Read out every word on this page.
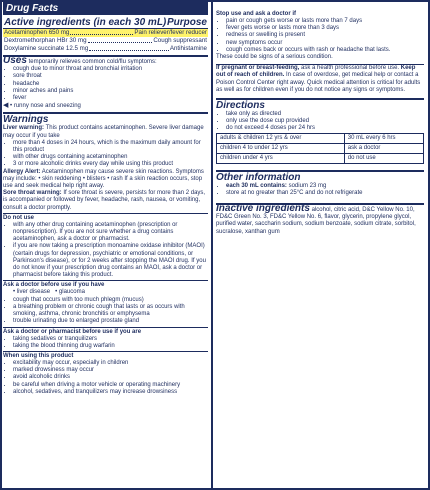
Drug Facts
Active ingredients (in each 30 mL) Purpose
Acetaminophen 650 mg	Pain reliever/fever reducer
Dextromethorphan HBr 30 mg	Cough suppressant
Doxylamine succinate 12.5 mg	Antihistamine
Uses temporarily relieves common cold/flu symptoms:
• cough due to minor throat and bronchial irritation
• sore throat
• headache
• minor aches and pains
• fever
◀ • runny nose and sneezing
Warnings
Liver warning: This product contains acetaminophen. Severe liver damage may occur if you take
• more than 4 doses in 24 hours, which is the maximum daily amount for this product
• with other drugs containing acetaminophen
• 3 or more alcoholic drinks every day while using this product
Allergy Alert: Acetaminophen may cause severe skin reactions. Symptoms may include: • skin reddening • blisters • rash If a skin reaction occurs, stop use and seek medical help right away.
Sore throat warning: If sore throat is severe, persists for more than 2 days, is accompanied or followed by fever, headache, rash, nausea, or vomiting, consult a doctor promptly.
Do not use
• with any other drug containing acetaminophen (prescription or nonprescription). If you are not sure whether a drug contains acetaminophen, ask a doctor or pharmacist.
• if you are now taking a prescription monoamine oxidase inhibitor (MAOI) (certain drugs for depression, psychiatric or emotional conditions, or Parkinson's disease), or for 2 weeks after stopping the MAOI drug. If you do not know if your prescription drug contains an MAOI, ask a doctor or pharmacist before taking this product.
Ask a doctor before use if you have
• liver disease   • glaucoma
• cough that occurs with too much phlegm (mucus)
• a breathing problem or chronic cough that lasts or as occurs with smoking, asthma, chronic bronchitis or emphysema
• trouble urinating due to enlarged prostate gland
Ask a doctor or pharmacist before use if you are
• taking sedatives or tranquilizers
• taking the blood thinning drug warfarin
When using this product
• excitability may occur, especially in children
• marked drowsiness may occur
• avoid alcoholic drinks
• be careful when driving a motor vehicle or operating machinery
• alcohol, sedatives, and tranquilizers may increase drowsiness
Stop use and ask a doctor if
• pain or cough gets worse or lasts more than 7 days
• fever gets worse or lasts more than 3 days
• redness or swelling is present
• new symptoms occur
• cough comes back or occurs with rash or headache that lasts.
These could be signs of a serious condition.
If pregnant or breast-feeding, ask a health professional before use. Keep out of reach of children. In case of overdose, get medical help or contact a Poison Control Center right away. Quick medical attention is critical for adults as well as for children even if you do not notice any signs or symptoms.
Directions
• take only as directed
• only use the dose cup provided
• do not exceed 4 doses per 24 hrs
adults & children 12 yrs & over	30 mL every 6 hrs
children 4 to under 12 yrs	ask a doctor
children under 4 yrs	do not use
Other information
• each 30 mL contains: sodium 23 mg
• store at no greater than 25°C and do not refrigerate
Inactive ingredients alcohol, citric acid, D&C Yellow No. 10, FD&C Green No. 3, FD&C Yellow No. 6, flavor, glycerin, propylene glycol, purified water, saccharin sodium, sodium benzoate, sodium citrate, sorbitol, sucralose, xanthan gum
